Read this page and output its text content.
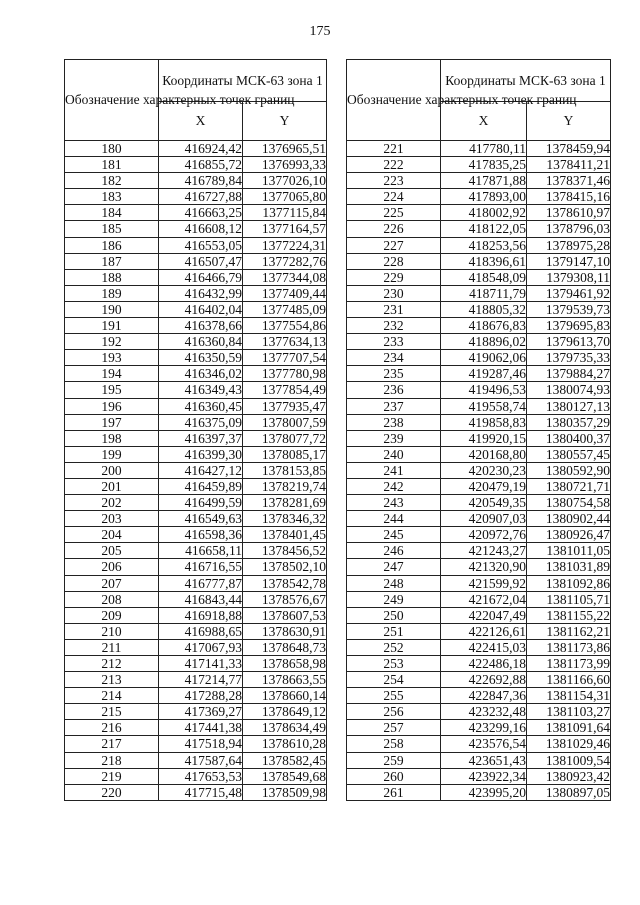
175
Обозначение характерных точек границ	Координаты МСК-63 зона 1	
	X	Y
180	416924,42	1376965,51
181	416855,72	1376993,33
182	416789,84	1377026,10
183	416727,88	1377065,80
184	416663,25	1377115,84
185	416608,12	1377164,57
186	416553,05	1377224,31
187	416507,47	1377282,76
188	416466,79	1377344,08
189	416432,99	1377409,44
190	416402,04	1377485,09
191	416378,66	1377554,86
192	416360,84	1377634,13
193	416350,59	1377707,54
194	416346,02	1377780,98
195	416349,43	1377854,49
196	416360,45	1377935,47
197	416375,09	1378007,59
198	416397,37	1378077,72
199	416399,30	1378085,17
200	416427,12	1378153,85
201	416459,89	1378219,74
202	416499,59	1378281,69
203	416549,63	1378346,32
204	416598,36	1378401,45
205	416658,11	1378456,52
206	416716,55	1378502,10
207	416777,87	1378542,78
208	416843,44	1378576,67
209	416918,88	1378607,53
210	416988,65	1378630,91
211	417067,93	1378648,73
212	417141,33	1378658,98
213	417214,77	1378663,55
214	417288,28	1378660,14
215	417369,27	1378649,12
216	417441,38	1378634,49
217	417518,94	1378610,28
218	417587,64	1378582,45
219	417653,53	1378549,68
220	417715,48	1378509,98
Обозначение характерных точек границ	Координаты МСК-63 зона 1	
	X	Y
221	417780,11	1378459,94
222	417835,25	1378411,21
223	417871,88	1378371,46
224	417893,00	1378415,16
225	418002,92	1378610,97
226	418122,05	1378796,03
227	418253,56	1378975,28
228	418396,61	1379147,10
229	418548,09	1379308,11
230	418711,79	1379461,92
231	418805,32	1379539,73
232	418676,83	1379695,83
233	418896,02	1379613,70
234	419062,06	1379735,33
235	419287,46	1379884,27
236	419496,53	1380074,93
237	419558,74	1380127,13
238	419858,83	1380357,29
239	419920,15	1380400,37
240	420168,80	1380557,45
241	420230,23	1380592,90
242	420479,19	1380721,71
243	420549,35	1380754,58
244	420907,03	1380902,44
245	420972,76	1380926,47
246	421243,27	1381011,05
247	421320,90	1381031,89
248	421599,92	1381092,86
249	421672,04	1381105,71
250	422047,49	1381155,22
251	422126,61	1381162,21
252	422415,03	1381173,86
253	422486,18	1381173,99
254	422692,88	1381166,60
255	422847,36	1381154,31
256	423232,48	1381103,27
257	423299,16	1381091,64
258	423576,54	1381029,46
259	423651,43	1381009,54
260	423922,34	1380923,42
261	423995,20	1380897,05
